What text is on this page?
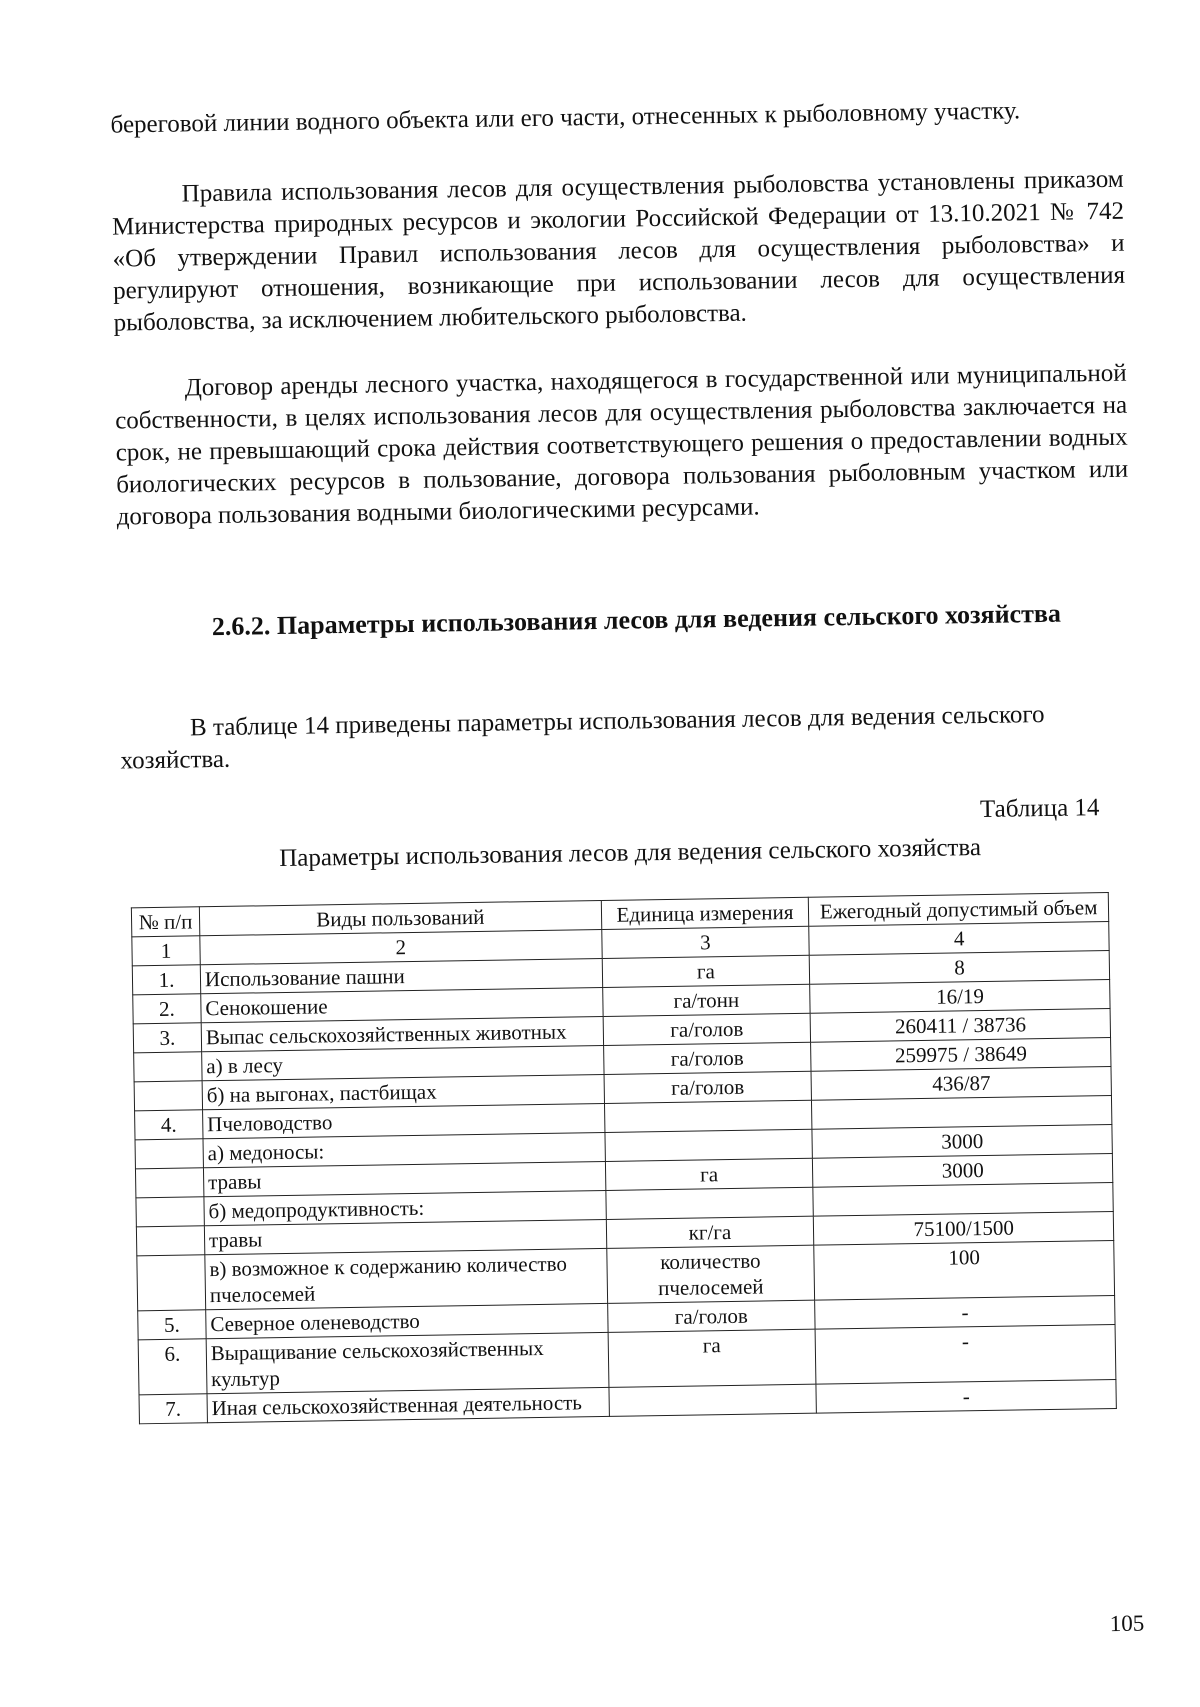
береговой линии водного объекта или его части, отнесенных к рыболовному участку.

Правила использования лесов для осуществления рыболовства установлены приказом Министерства природных ресурсов и экологии Российской Федерации от 13.10.2021 № 742 «Об утверждении Правил использования лесов для осуществления рыболовства» и регулируют отношения, возникающие при использовании лесов для осуществления рыболовства, за исключением любительского рыболовства.

Договор аренды лесного участка, находящегося в государственной или муниципальной собственности, в целях использования лесов для осуществления рыболовства заключается на срок, не превышающий срока действия соответствующего решения о предоставлении водных биологических ресурсов в пользование, договора пользования рыболовным участком или договора пользования водными биологическими ресурсами.

2.6.2. Параметры использования лесов для ведения сельского хозяйства

В таблице 14 приведены параметры использования лесов для ведения сельского хозяйства.

Таблица 14
Параметры использования лесов для ведения сельского хозяйства
№ п/п	Виды пользований	Единица измерения	Ежегодный допустимый объем
1	2	3	4
1.	Использование пашни	га	8
2.	Сенокошение	га/тонн	16/19
3.	Выпас сельскохозяйственных животных	га/голов	260411 / 38736
	а) в лесу	га/голов	259975 / 38649
	б) на выгонах, пастбищах	га/голов	436/87
4.	Пчеловодство		
	а) медоносы:		3000
	травы	га	3000
	б) медопродуктивность:		
	травы	кг/га	75100/1500
	в) возможное к содержанию количество пчелосемей	количество пчелосемей	100
5.	Северное оленеводство	га/голов	-
6.	Выращивание сельскохозяйственных культур	га	-
7.	Иная сельскохозяйственная деятельность		-
105
